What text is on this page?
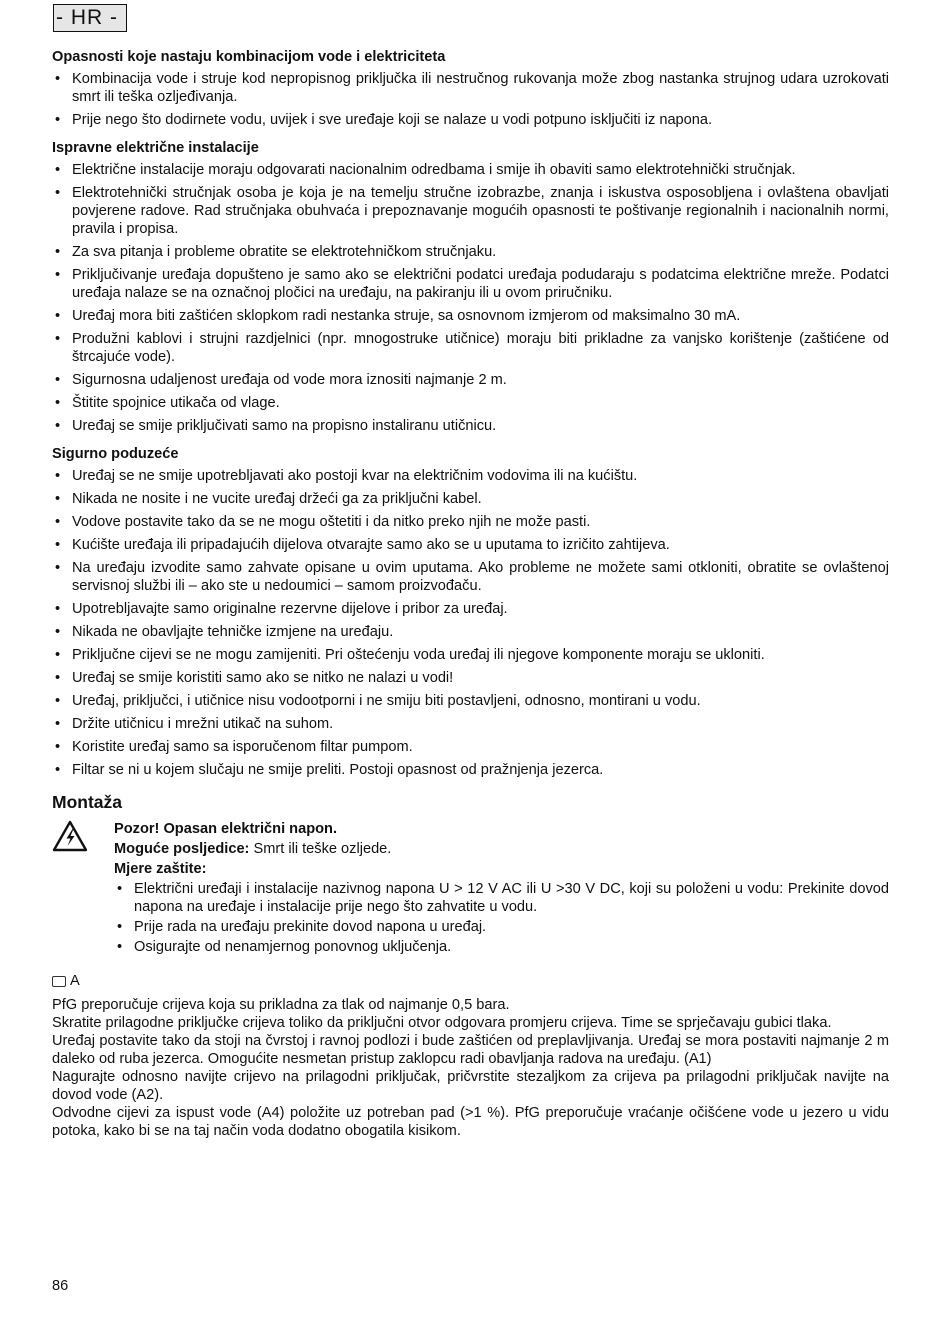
- HR -
Opasnosti koje nastaju kombinacijom vode i elektriciteta
• Kombinacija vode i struje kod nepropisnog priključka ili nestručnog rukovanja može zbog nastanka strujnog udara uzrokovati smrt ili teška ozljeđivanja.
• Prije nego što dodirnete vodu, uvijek i sve uređaje koji se nalaze u vodi potpuno isključiti iz napona.
Ispravne električne instalacije
• Električne instalacije moraju odgovarati nacionalnim odredbama i smije ih obaviti samo elektrotehnički stručnjak.
• Elektrotehnički stručnjak osoba je koja je na temelju stručne izobrazbe, znanja i iskustva osposobljena i ovlaštena obavljati povjerene radove. Rad stručnjaka obuhvaća i prepoznavanje mogućih opasnosti te poštivanje regionalnih i nacionalnih normi, pravila i propisa.
• Za sva pitanja i probleme obratite se elektrotehničkom stručnjaku.
• Priključivanje uređaja dopušteno je samo ako se električni podatci uređaja podudaraju s podatcima električne mreže. Podatci uređaja nalaze se na oznаčnoj pločici na uređaju, na pakiranju ili u ovom priručniku.
• Uređaj mora biti zaštićen sklopkom radi nestanka struje, sa osnovnom izmjerom od maksimalno 30 mA.
• Produžni kablovi i strujni razdjelnici (npr. mnogostruke utičnice) moraju biti prikladne za vanjsko korištenje (zaštićene od štrcajuće vode).
• Sigurnosna udaljenost uređaja od vode mora iznositi najmanje 2 m.
• Štitite spojnice utikača od vlage.
• Uređaj se smije priključivati samo na propisno instaliranu utičnicu.
Sigurno poduzeće
• Uređaj se ne smije upotrebljavati ako postoji kvar na električnim vodovima ili na kućištu.
• Nikada ne nosite i ne vucite uređaj držeći ga za priključni kabel.
• Vodove postavite tako da se ne mogu oštetiti i da nitko preko njih ne može pasti.
• Kućište uređaja ili pripadajućih dijelova otvarajte samo ako se u uputama to izričito zahtijeva.
• Na uređaju izvodite samo zahvate opisane u ovim uputama. Ako probleme ne možete sami otkloniti, obratite se ovlaštenoj servisnoj službi ili – ako ste u nedoumici – samom proizvođaču.
• Upotrebljavajte samo originalne rezervne dijelove i pribor za uređaj.
• Nikada ne obavljajte tehničke izmjene na uređaju.
• Priključne cijevi se ne mogu zamijeniti. Pri oštećenju voda uređaj ili njegove komponente moraju se ukloniti.
• Uređaj se smije koristiti samo ako se nitko ne nalazi u vodi!
• Uređaj, priključci, i utičnice nisu vodootporni i ne smiju biti postavljeni, odnosno, montirani u vodu.
• Držite utičnicu i mrežni utikač na suhom.
• Koristite uređaj samo sa isporučenom filtar pumpom.
• Filtar se ni u kojem slučaju ne smije preliti. Postoji opasnost od pražnjenja jezerca.
Montaža

Pozor! Opasan električni napon.

Moguće posljedice: Smrt ili teške ozljede.

Mjere zaštite:

• Električni uređaji i instalacije nazivnog napona U > 12 V AC ili U >30 V DC, koji su položeni u vodu: Prekinite dovod napona na uređaje i instalacije prije nego što zahvatite u vodu.
• Prije rada na uređaju prekinite dovod napona u uređaj.
• Osigurajte od nenamjernog ponovnog uključenja.
A

PfG preporučuje crijeva koja su prikladna za tlak od najmanje 0,5 bara.

Skratite prilagodne priključke crijeva toliko da priključni otvor odgovara promjeru crijeva. Time se sprječavaju gubici tlaka.

Uređaj postavite tako da stoji na čvrstoj i ravnoj podlozi i bude zaštićen od preplavljivanja. Uređaj se mora postaviti najmanje 2 m daleko od ruba jezerca. Omogućite nesmetan pristup zaklopcu radi obavljanja radova na uređaju. (A1)

Nagurajte odnosno navijte crijevo na prilagodni priključak, pričvrstite stezaljkom za crijeva pa prilagodni priključak navijte na dovod vode (A2).

Odvodne cijevi za ispust vode (A4) položite uz potreban pad (>1 %). PfG preporučuje vraćanje očišćene vode u jezero u vidu potoka, kako bi se na taj način voda dodatno obogatila kisikom.

86
